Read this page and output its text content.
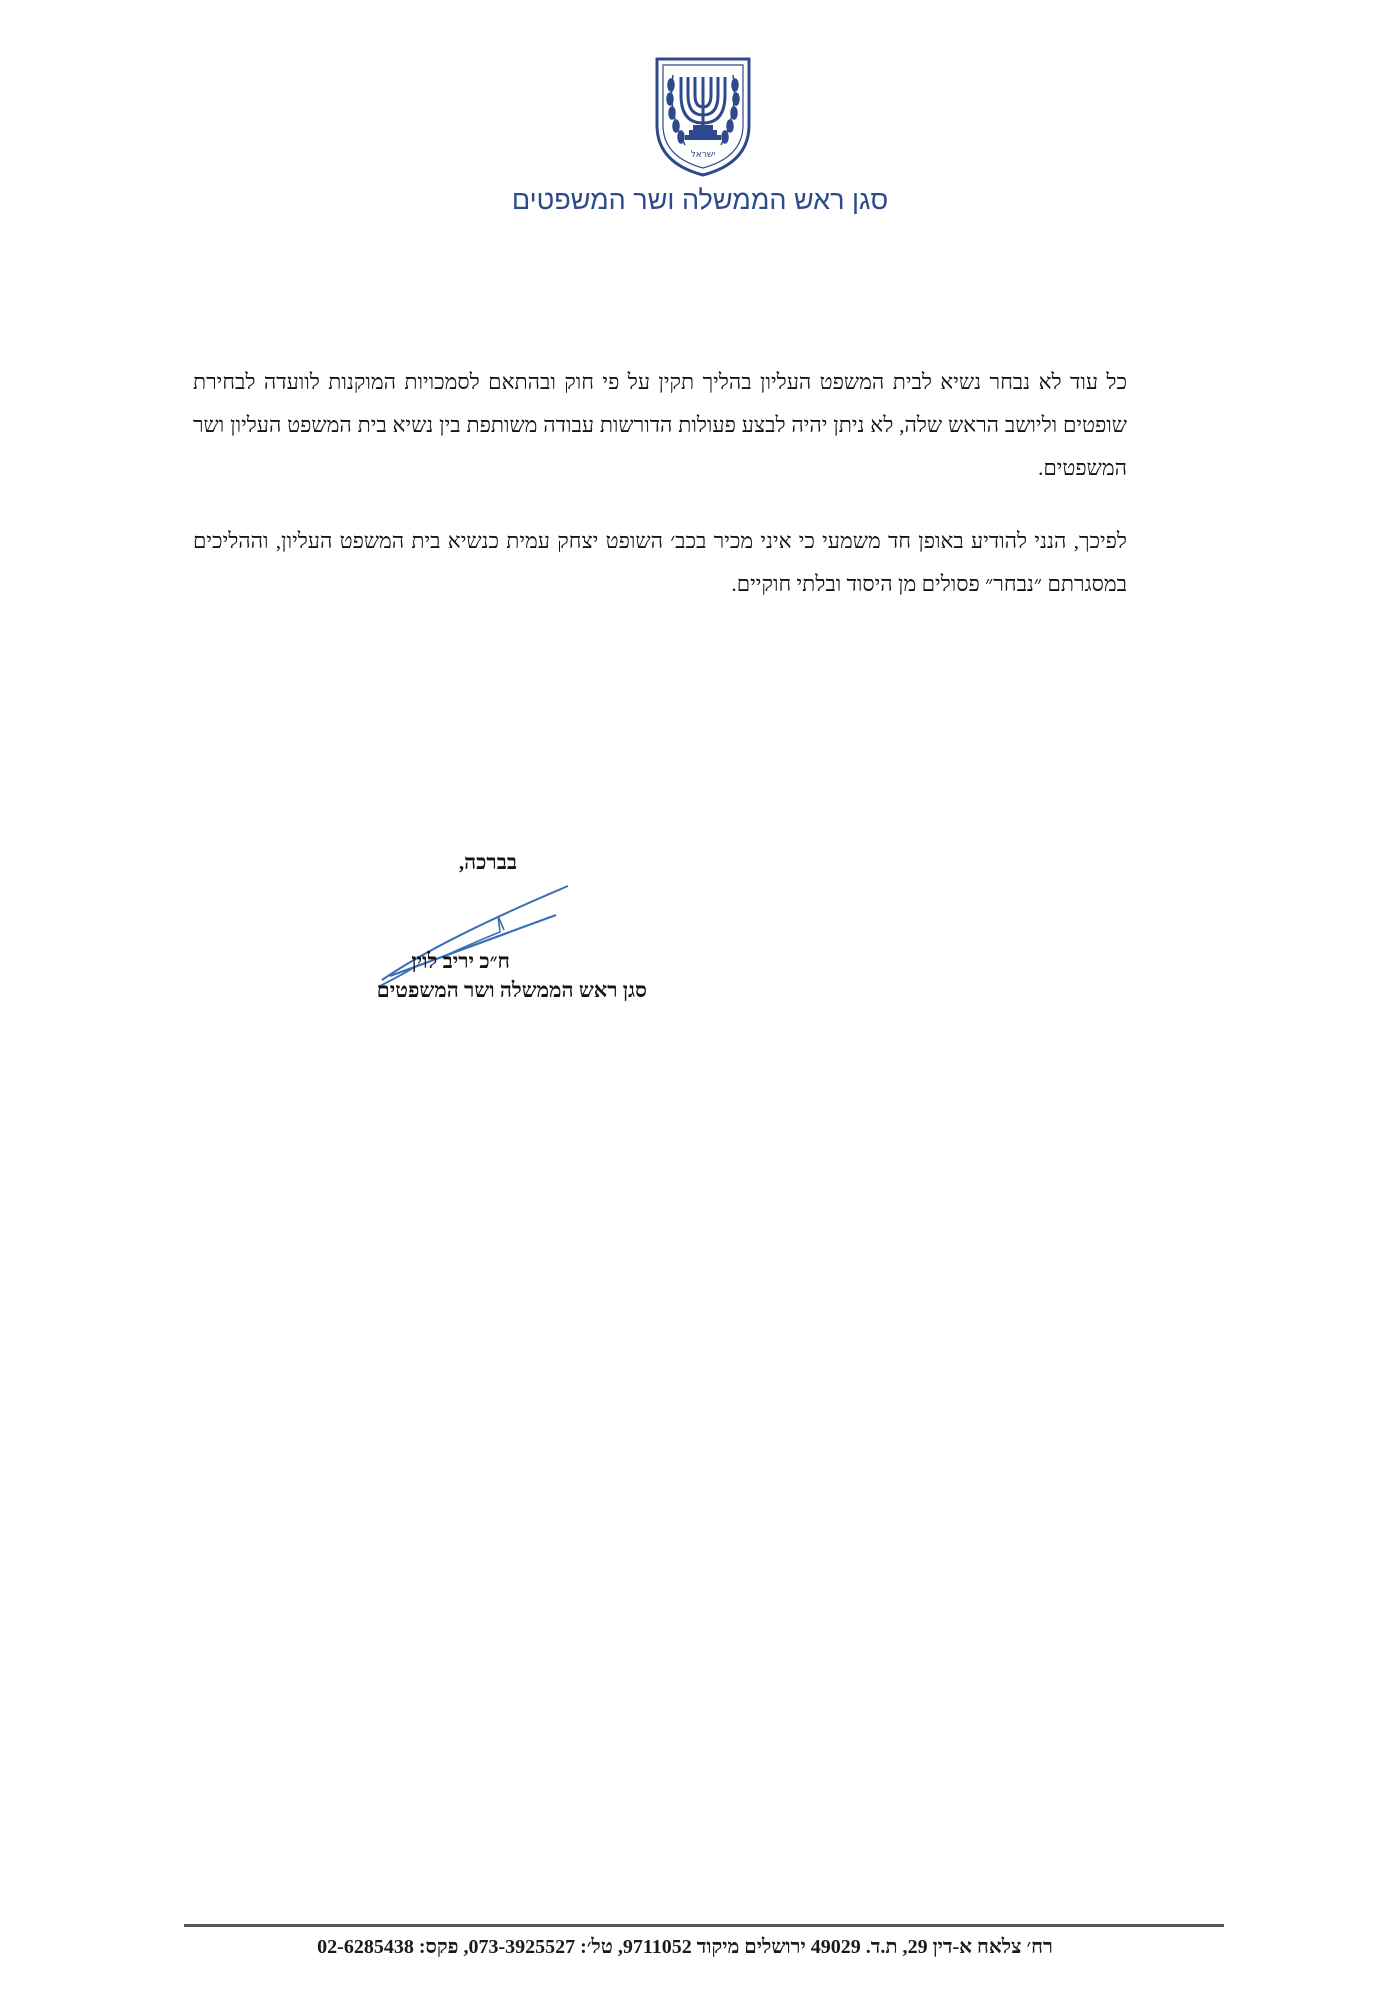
ישראל
סגן ראש הממשלה ושר המשפטים
כל עוד לא נבחר נשיא לבית המשפט העליון בהליך תקין על פי חוק ובהתאם לסמכויות המוקנות לוועדה לבחירת שופטים וליושב הראש שלה, לא ניתן יהיה לבצע פעולות הדורשות עבודה משותפת בין נשיא בית המשפט העליון ושר המשפטים.
לפיכך, הנני להודיע באופן חד משמעי כי איני מכיר בכב׳ השופט יצחק עמית כנשיא בית המשפט העליון, וההליכים במסגרתם ״נבחר״ פסולים מן היסוד ובלתי חוקיים.
בברכה,
ח״כ יריב לוין
סגן ראש הממשלה ושר המשפטים
רח׳ צלאח א-דין 29, ת.ד. 49029 ירושלים מיקוד 9711052, טל׳: 073-3925527, פקס: 02-6285438
